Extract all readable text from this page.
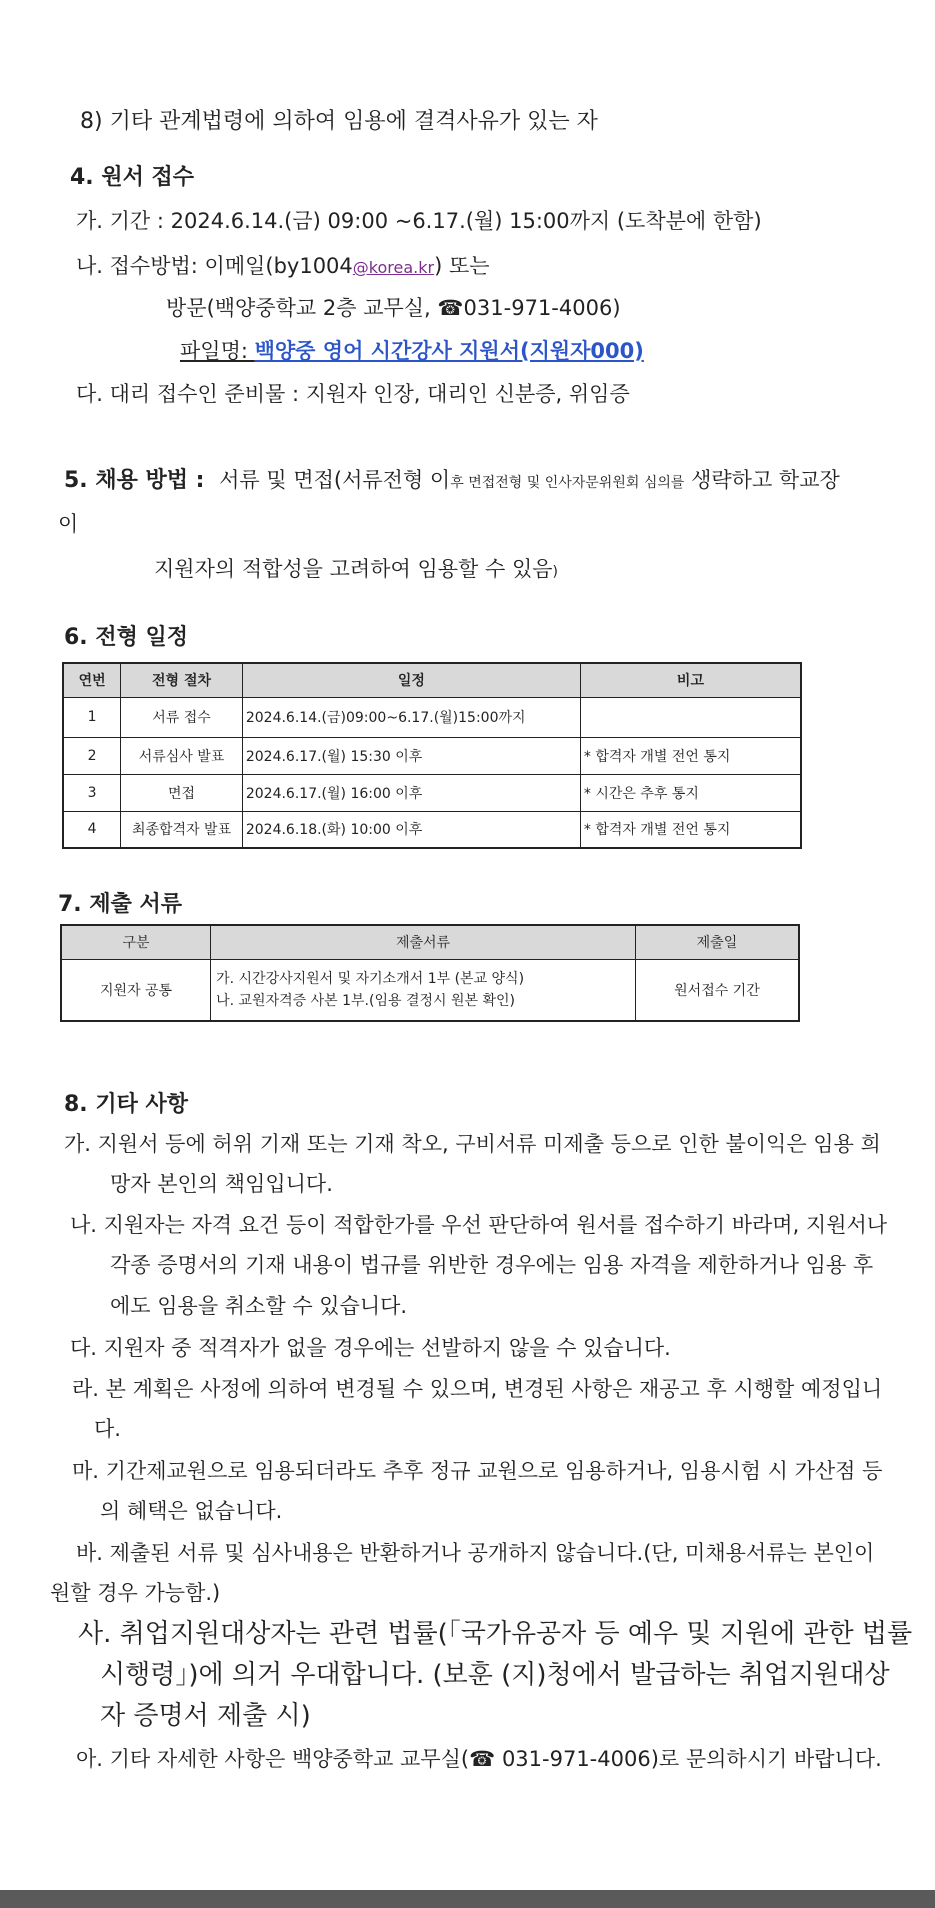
8) 기타 관계법령에 의하여 임용에 결격사유가 있는 자
4. 원서 접수
가. 기간 : 2024.6.14.(금) 09:00 ~6.17.(월) 15:00까지 (도착분에 한함)
나. 접수방법: 이메일(by1004@korea.kr) 또는
방문(백양중학교 2층 교무실, ☎031-971-4006)
파일명: 백양중 영어 시간강사 지원서(지원자000)
다. 대리 접수인 준비물 : 지원자 인장, 대리인 신분증, 위임증
5. 채용 방법 : 서류 및 면접(서류전형 이후 면접전형 및 인사자문위원회 심의를 생략하고 학교장
이
지원자의 적합성을 고려하여 임용할 수 있음)
6. 전형 일정
연번	전형 절차	일정	비고
1	서류 접수	2024.6.14.(금)09:00~6.17.(월)15:00까지	
2	서류심사 발표	2024.6.17.(월) 15:30 이후	* 합격자 개별 전언 통지
3	면접	2024.6.17.(월) 16:00 이후	* 시간은 추후 통지
4	최종합격자 발표	2024.6.18.(화) 10:00 이후	* 합격자 개별 전언 통지
7. 제출 서류
구분	제출서류	제출일
지원자 공통	가. 시간강사지원서 및 자기소개서 1부 (본교 양식)
나. 교원자격증 사본 1부.(임용 결정시 원본 확인)	원서접수 기간
8. 기타 사항
가. 지원서 등에 허위 기재 또는 기재 착오, 구비서류 미제출 등으로 인한 불이익은 임용 희
망자 본인의 책임입니다.
나. 지원자는 자격 요건 등이 적합한가를 우선 판단하여 원서를 접수하기 바라며, 지원서나
각종 증명서의 기재 내용이 법규를 위반한 경우에는 임용 자격을 제한하거나 임용 후
에도 임용을 취소할 수 있습니다.
다. 지원자 중 적격자가 없을 경우에는 선발하지 않을 수 있습니다.
라. 본 계획은 사정에 의하여 변경될 수 있으며, 변경된 사항은 재공고 후 시행할 예정입니
다.
마. 기간제교원으로 임용되더라도 추후 정규 교원으로 임용하거나, 임용시험 시 가산점 등
의 혜택은 없습니다.
바. 제출된 서류 및 심사내용은 반환하거나 공개하지 않습니다.(단, 미채용서류는 본인이
원할 경우 가능함.)
사. 취업지원대상자는 관련 법률(「국가유공자 등 예우 및 지원에 관한 법률
시행령」)에 의거 우대합니다. (보훈 (지)청에서 발급하는 취업지원대상
자 증명서 제출 시)
아. 기타 자세한 사항은 백양중학교 교무실(☎ 031-971-4006)로 문의하시기 바랍니다.
